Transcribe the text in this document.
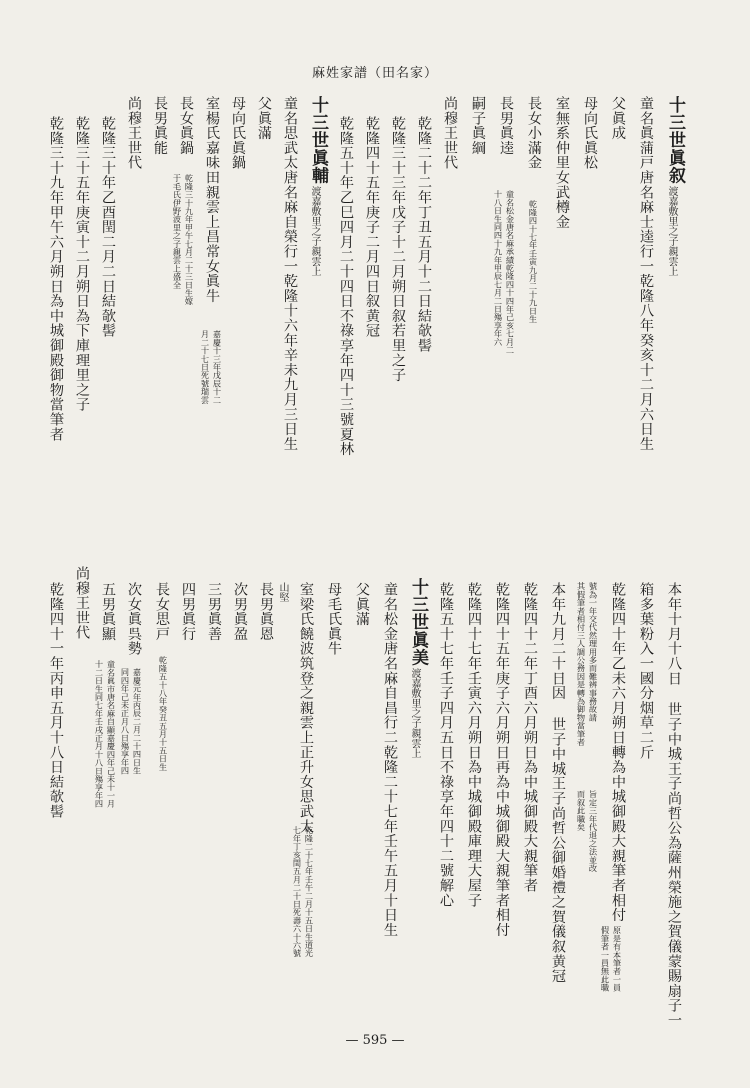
麻姓家譜（田名家）
十三世眞叙
渡嘉敷里之子親雲上
童名眞蒲戸唐名麻士逵行一乾隆八年癸亥十二月六日生
父眞成
母向氏眞松
室無系仲里女武樽金
長女小滿金
乾隆四十七年壬寅九月二十九日生
長男眞逵
童名松金唐名麻承績乾隆四十四年己亥七月二
十八日生同四十九年甲辰七月二日殤享年六
嗣子眞綱
尚穆王世代
乾隆二十二年丁丑五月十二日結欹髻
乾隆三十三年戊子十二月朔日叙若里之子
乾隆四十五年庚子二月四日叙黄冠
乾隆五十年乙巳四月二十四日不祿享年四十三號夏林
十三世眞輔
渡嘉敷里之子親雲上
童名思武太唐名麻自榮行一乾隆十六年辛未九月三日生
父眞滿
母向氏眞鍋
室楊氏嘉味田親雲上昌常女眞牛
嘉慶十三年戊辰十二
月二十七日死號瑞雲
長女眞鍋
乾隆三十九年甲午七月二十三日生嫁
于毛氏伊野波里之子親雲上盛全
長男眞能
尚穆王世代
乾隆三十年乙酉閏二月二日結欹髻
乾隆三十五年庚寅十二月朔日為下庫理里之子
乾隆三十九年甲午六月朔日為中城御殿御物當筆者
本年十月十八日 世子中城王子尚哲公為薩州榮施之賀儀蒙賜扇子一
箱多葉粉入一國分烟草二斤
乾隆四十年乙未六月朔日轉為中城御殿大親筆者相付
原是有本筆者一員
假筆者一員無此職
號為一年交代然理用多而難辨事務故請
其假筆者相付三人調公務因是轉為御物當筆者
旨定三年代退之法並改
而叙此職矣
本年九月二十日因 世子中城王子尚哲公御婚禮之賀儀叙黄冠
乾隆四十二年丁酉六月朔日為中城御殿大親筆者
乾隆四十五年庚子六月朔日再為中城御殿大親筆者相付
乾隆四十七年壬寅六月朔日為中城御殿庫理大屋子
乾隆五十七年壬子四月五日不祿享年四十二號解心
十三世眞美
渡嘉敷里之子親雲上
童名松金唐名麻自昌行二乾隆二十七年壬午五月十日生
父眞滿
母毛氏眞牛
室梁氏饒波筑登之親雲上正升女思武太
乾隆二十七年壬午二月十五日生道光
七年丁亥閏五月二十日死壽六十六號
山堅
長男眞恩
次男眞盈
三男眞善
四男眞行
長女思戸
乾隆五十八年癸丑五月十五日生
次女眞呉勢
嘉慶元年丙辰二月二十四日生
同四年己未正月八日殤享年四
五男眞顯
童名眞市唐名麻自顯嘉慶四年己未十一月
十二日生同七年壬戌正月十八日殤享年四
尚穆王世代
乾隆四十一年丙申五月十八日結欹髻
— 595 —
